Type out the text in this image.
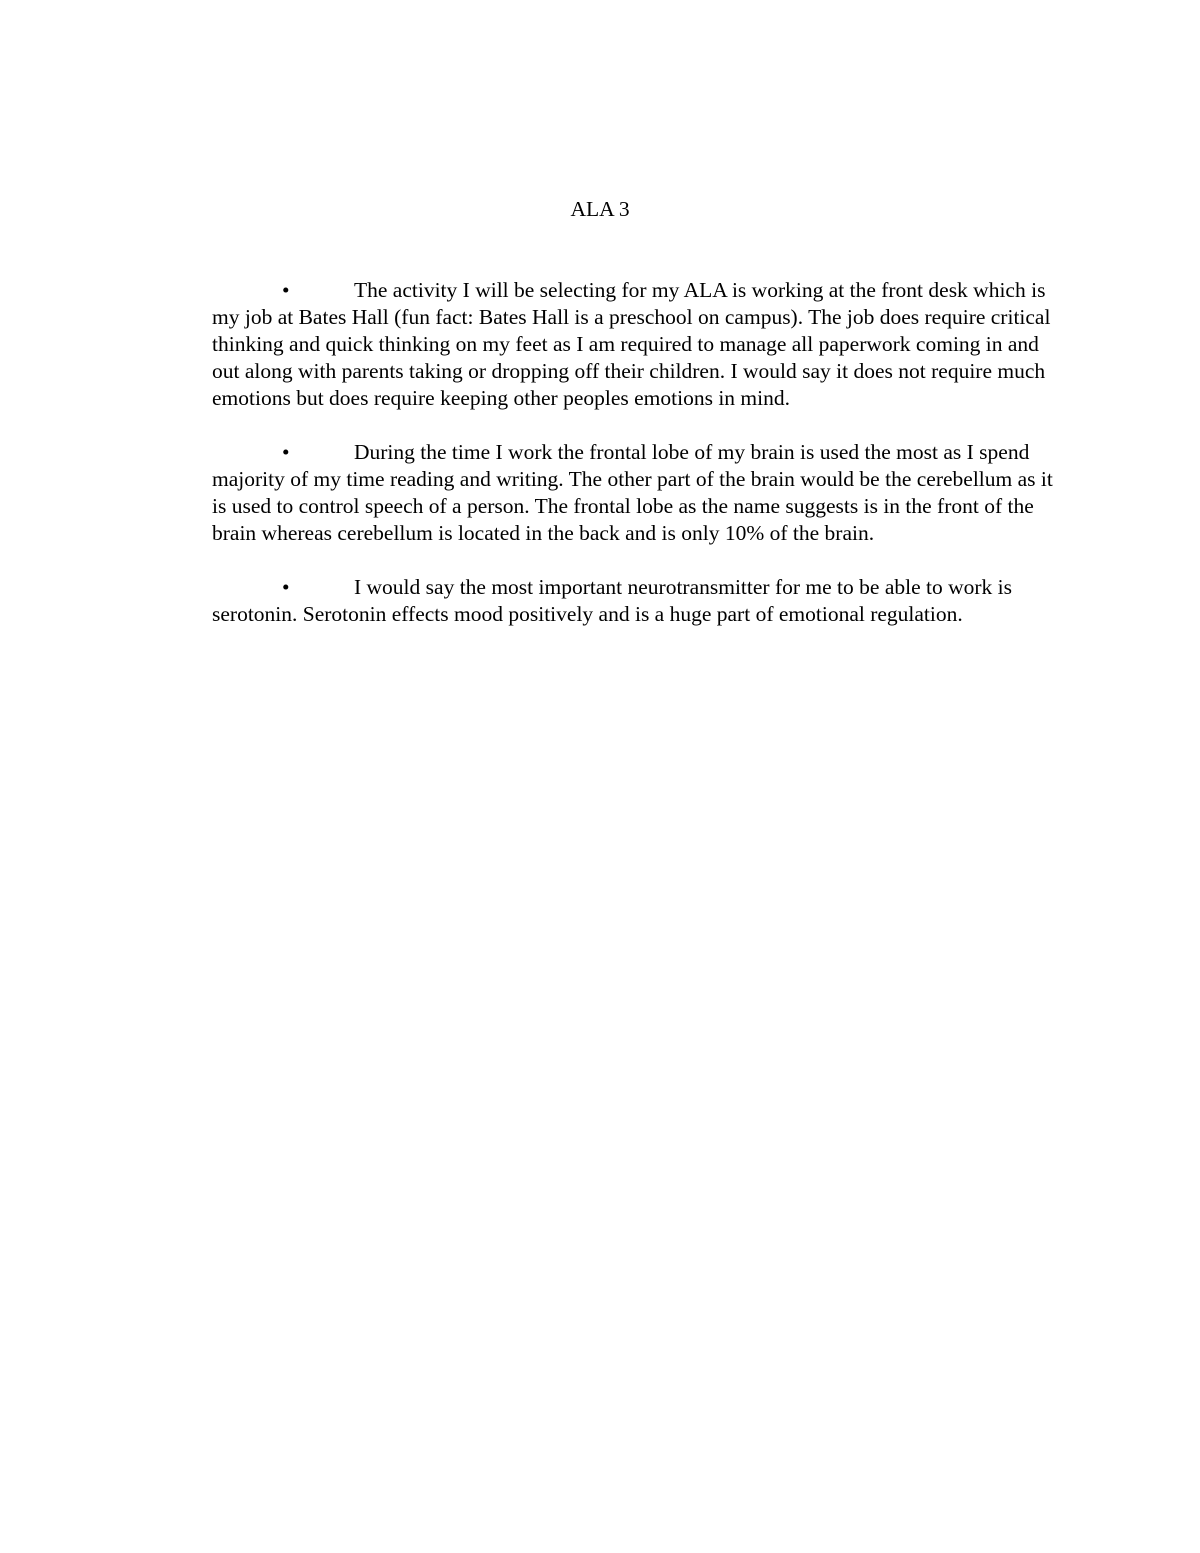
ALA 3

•	The activity I will be selecting for my ALA is working at the front desk which is my job at Bates Hall (fun fact: Bates Hall is a preschool on campus). The job does require critical thinking and quick thinking on my feet as I am required to manage all paperwork coming in and out along with parents taking or dropping off their children. I would say it does not require much emotions but does require keeping other peoples emotions in mind.

•	During the time I work the frontal lobe of my brain is used the most as I spend majority of my time reading and writing. The other part of the brain would be the cerebellum as it is used to control speech of a person. The frontal lobe as the name suggests is in the front of the brain whereas cerebellum is located in the back and is only 10% of the brain.

•	I would say the most important neurotransmitter for me to be able to work is serotonin. Serotonin effects mood positively and is a huge part of emotional regulation.
